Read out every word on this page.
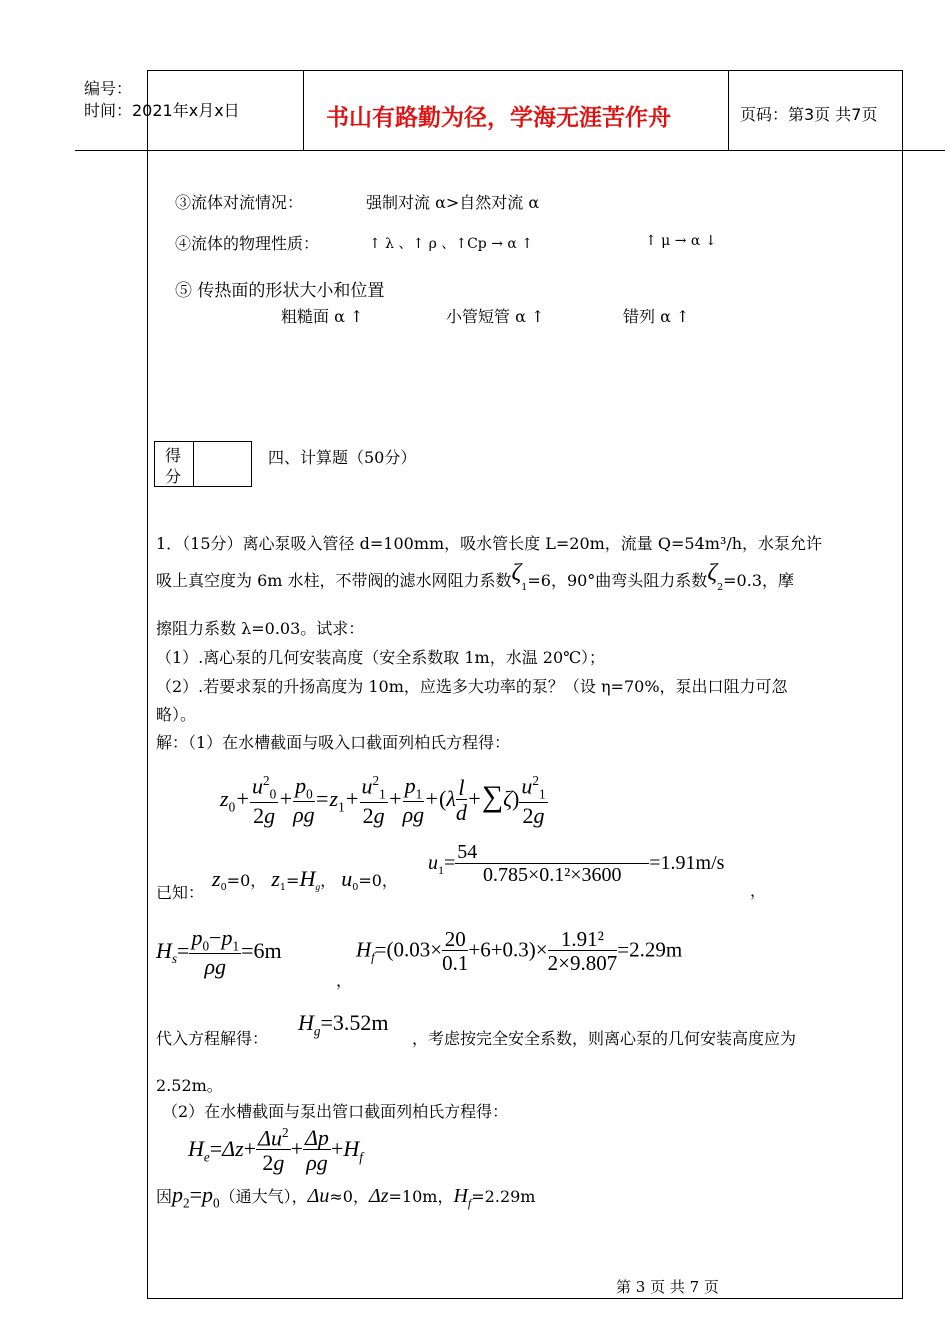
编号：
时间：2021年x月x日	书山有路勤为径，学海无涯苦作舟	页码：第3页 共7页
③流体对流情况：	强制对流 α>自然对流 α
④流体的物理性质：	↑ λ 、↑ ρ 、↑Cp → α ↑	↑ μ → α ↓
⑤ 传热面的形状大小和位置
粗糙面 α ↑	小管短管 α ↑	错列 α ↑
得
分
四、计算题（50分）
1．（15分）离心泵吸入管径 d=100mm，吸水管长度 L=20m，流量 Q=54m³/h，水泵允许
吸上真空度为 6m 水柱，不带阀的滤水网阻力系数$\zeta_1=6$，90°曲弯头阻力系数$\zeta_2=0.3$，摩
擦阻力系数 λ=0.03。试求：
（1）.离心泵的几何安装高度（安全系数取 1m，水温 20℃）；
（2）.若要求泵的升扬高度为 10m，应选多大功率的泵？（设 η=70%，泵出口阻力可忽
略）。
解：（1）在水槽截面与吸入口截面列柏氏方程得：
$z_0+ \frac{u^2_0}{2g} + \frac{p_0}{\rho g} =z_1+ \frac{u^2_1}{2g} + \frac{p_1}{\rho g} +(\lambda \frac{l}{d} +\sum\zeta) \frac{u^2_1}{2g}$
已知：
$z_0=0$， $z_1=H_g$， $u_0=0$，
$u_1= \frac{54}{\text{0.785×0.1²×3600}} =1.91m/s$
，
$H_s= \frac{p_0-p_1}{\rho g} =6m$
，
$H_f=(0.03\times \frac{20}{0.1} +6+0.3)\times \frac{\text{1.91²}}{2\times 9.807} =2.29m$
代入方程解得：
$H_g=3.52m$
，考虑按完全安全系数，则离心泵的几何安装高度应为
2.52m。
（2）在水槽截面与泵出管口截面列柏氏方程得：
$H_e=\Delta z+ \frac{\Delta u^2}{2g} + \frac{\Delta p}{\rho g} +H_f$
因$p_2=p_0$（通大气），Δu≈0，Δz=10m，$H_f=2.29m$
第 3 页 共 7 页
